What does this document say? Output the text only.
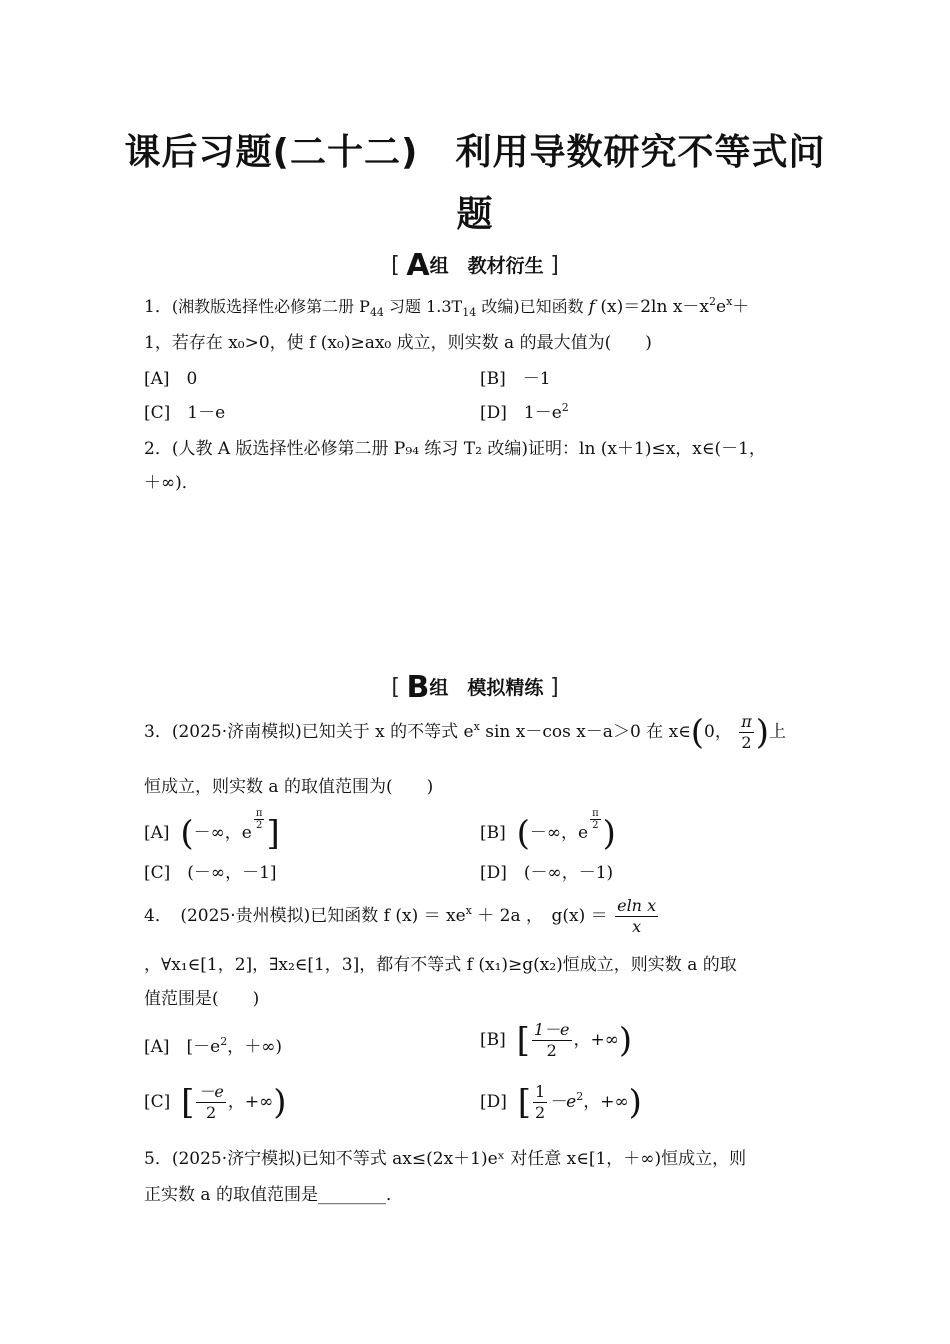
课后习题(二十二)　利用导数研究不等式问
题
[ A组　教材衍生 ]
1．(湘教版选择性必修第二册 $P_{44}$ 习题 $1.3T_{14}$ 改编)已知函数 f (x)＝2ln $x-x^2e^x+$
1，若存在 x₀>0，使 f (x₀)≥ax₀ 成立，则实数 a 的最大值为(　　)
[A]　0	[B]　－1
[C]　1－e	[D]　$1-e^2$
2．(人教 A 版选择性必修第二册 P₉₄ 练习 T₂ 改编)证明：ln (x＋1)≤x，x∈(－1，
＋∞)．
[ B组　模拟精练 ]
3．(2025·济南模拟)已知关于 x 的不等式 $e^x$ sin x－cos x－a＞0 在 x∈(0， $\frac{\pi}{2}$ )上
恒成立，则实数 a 的取值范围为(　　)
[A] (－∞，e
$^{\frac{\pi}{2}}$ ]	[B] (－∞，e
$^{\frac{\pi}{2}}$ )
[C]　(－∞，－1]	[D]　(－∞，－1)
4．　(2025·贵州模拟)已知函数 f $(x) = xe^x + 2a$ ，　$g(x) = \frac{\text{eln x}}{x}$
，∀x₁∈[1，2]，∃x₂∈[1，3]，都有不等式 f (x₁)≥g(x₂)恒成立，则实数 a 的取
值范围是(　　)
[A]　[$-e^2$，＋∞)	[B] [ $\frac{1-e}{2}$ ，+∞)
[C] [ $\frac{-e}{2}$ ，+∞)	[D] [ $\frac{1}{2} -e^2$，+∞)
5．(2025·济宁模拟)已知不等式 ax≤(2x＋1)eˣ 对任意 x∈[1，＋∞)恒成立，则
正实数 a 的取值范围是________．
